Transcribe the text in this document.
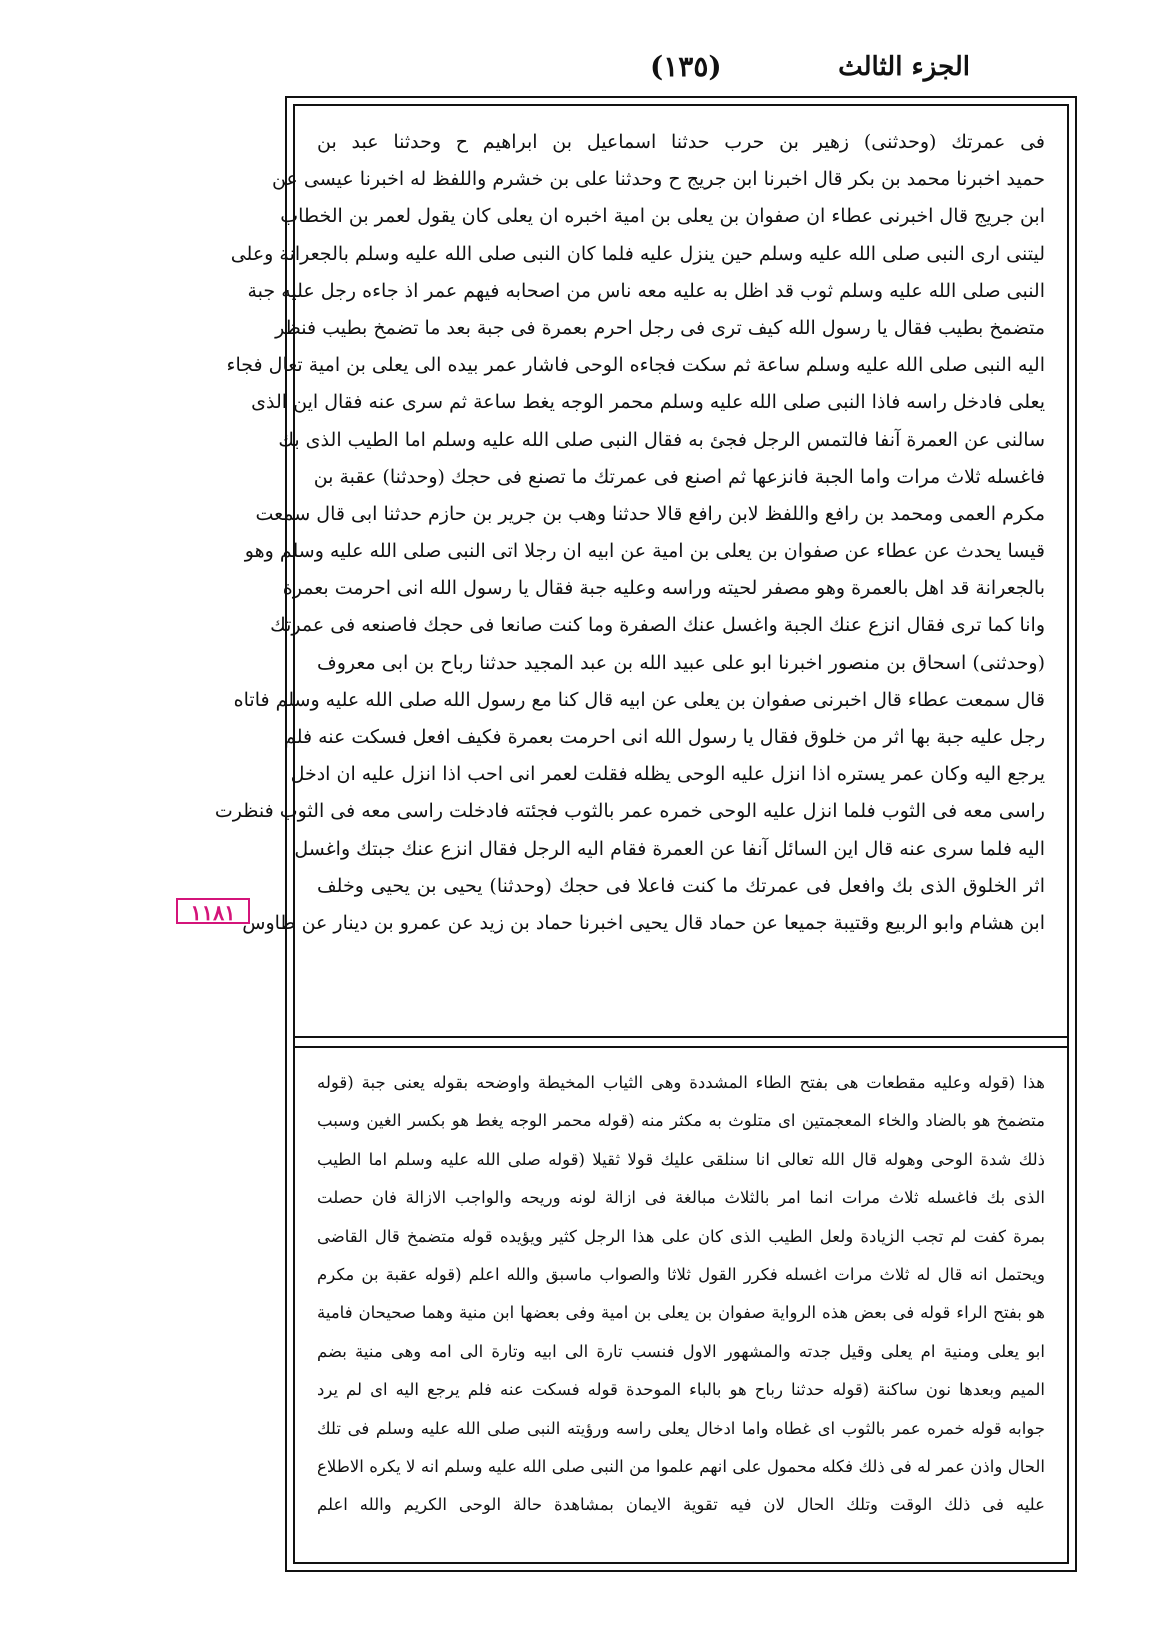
الجزء الثالث
(١٣٥)
١١٨١
فى عمرتك (وحدثنى) زهير بن حرب حدثنا اسماعيل بن ابراهيم ح وحدثنا عبد بن
حميد اخبرنا محمد بن بكر قال اخبرنا ابن جريج ح وحدثنا على بن خشرم واللفظ له اخبرنا عيسى عن
ابن جريج قال اخبرنى عطاء ان صفوان بن يعلى بن امية اخبره ان يعلى كان يقول لعمر بن الخطاب
ليتنى ارى النبى صلى الله عليه وسلم حين ينزل عليه فلما كان النبى صلى الله عليه وسلم بالجعرانة وعلى
النبى صلى الله عليه وسلم ثوب قد اظل به عليه معه ناس من اصحابه فيهم عمر اذ جاءه رجل عليه جبة
متضمخ بطيب فقال يا رسول الله كيف ترى فى رجل احرم بعمرة فى جبة بعد ما تضمخ بطيب فنظر
اليه النبى صلى الله عليه وسلم ساعة ثم سكت فجاءه الوحى فاشار عمر بيده الى يعلى بن امية تعال فجاء
يعلى فادخل راسه فاذا النبى صلى الله عليه وسلم محمر الوجه يغط ساعة ثم سرى عنه فقال اين الذى
سالنى عن العمرة آنفا فالتمس الرجل فجئ به فقال النبى صلى الله عليه وسلم اما الطيب الذى بك
فاغسله ثلاث مرات واما الجبة فانزعها ثم اصنع فى عمرتك ما تصنع فى حجك (وحدثنا) عقبة بن
مكرم العمى ومحمد بن رافع واللفظ لابن رافع قالا حدثنا وهب بن جرير بن حازم حدثنا ابى قال سمعت
قيسا يحدث عن عطاء عن صفوان بن يعلى بن امية عن ابيه ان رجلا اتى النبى صلى الله عليه وسلم وهو
بالجعرانة قد اهل بالعمرة وهو مصفر لحيته وراسه وعليه جبة فقال يا رسول الله انى احرمت بعمرة
وانا كما ترى فقال انزع عنك الجبة واغسل عنك الصفرة وما كنت صانعا فى حجك فاصنعه فى عمرتك
(وحدثنى) اسحاق بن منصور اخبرنا ابو على عبيد الله بن عبد المجيد حدثنا رباح بن ابى معروف
قال سمعت عطاء قال اخبرنى صفوان بن يعلى عن ابيه قال كنا مع رسول الله صلى الله عليه وسلم فاتاه
رجل عليه جبة بها اثر من خلوق فقال يا رسول الله انى احرمت بعمرة فكيف افعل فسكت عنه فلم
يرجع اليه وكان عمر يستره اذا انزل عليه الوحى يظله فقلت لعمر انى احب اذا انزل عليه ان ادخل
راسى معه فى الثوب فلما انزل عليه الوحى خمره عمر بالثوب فجئته فادخلت راسى معه فى الثوب فنظرت
اليه فلما سرى عنه قال اين السائل آنفا عن العمرة فقام اليه الرجل فقال انزع عنك جبتك واغسل
اثر الخلوق الذى بك وافعل فى عمرتك ما كنت فاعلا فى حجك (وحدثنا) يحيى بن يحيى وخلف
ابن هشام وابو الربيع وقتيبة جميعا عن حماد قال يحيى اخبرنا حماد بن زيد عن عمرو بن دينار عن طاوس
هذا (قوله وعليه مقطعات هى بفتح الطاء المشددة وهى الثياب المخيطة واوضحه بقوله يعنى جبة (قوله
متضمخ هو بالضاد والخاء المعجمتين اى متلوث به مكثر منه (قوله محمر الوجه يغط هو بكسر الغين وسبب
ذلك شدة الوحى وهوله قال الله تعالى انا سنلقى عليك قولا ثقيلا (قوله صلى الله عليه وسلم اما الطيب
الذى بك فاغسله ثلاث مرات انما امر بالثلاث مبالغة فى ازالة لونه وريحه والواجب الازالة فان حصلت
بمرة كفت لم تجب الزيادة ولعل الطيب الذى كان على هذا الرجل كثير ويؤيده قوله متضمخ قال القاضى
ويحتمل انه قال له ثلاث مرات اغسله فكرر القول ثلاثا والصواب ماسبق والله اعلم (قوله عقبة بن مكرم
هو بفتح الراء قوله فى بعض هذه الرواية صفوان بن يعلى بن امية وفى بعضها ابن منية وهما صحيحان فامية
ابو يعلى ومنية ام يعلى وقيل جدته والمشهور الاول فنسب تارة الى ابيه وتارة الى امه وهى منية بضم
الميم وبعدها نون ساكنة (قوله حدثنا رباح هو بالباء الموحدة قوله فسكت عنه فلم يرجع اليه اى لم يرد
جوابه قوله خمره عمر بالثوب اى غطاه واما ادخال يعلى راسه ورؤيته النبى صلى الله عليه وسلم فى تلك
الحال واذن عمر له فى ذلك فكله محمول على انهم علموا من النبى صلى الله عليه وسلم انه لا يكره الاطلاع
عليه فى ذلك الوقت وتلك الحال لان فيه تقوية الايمان بمشاهدة حالة الوحى الكريم والله اعلم
